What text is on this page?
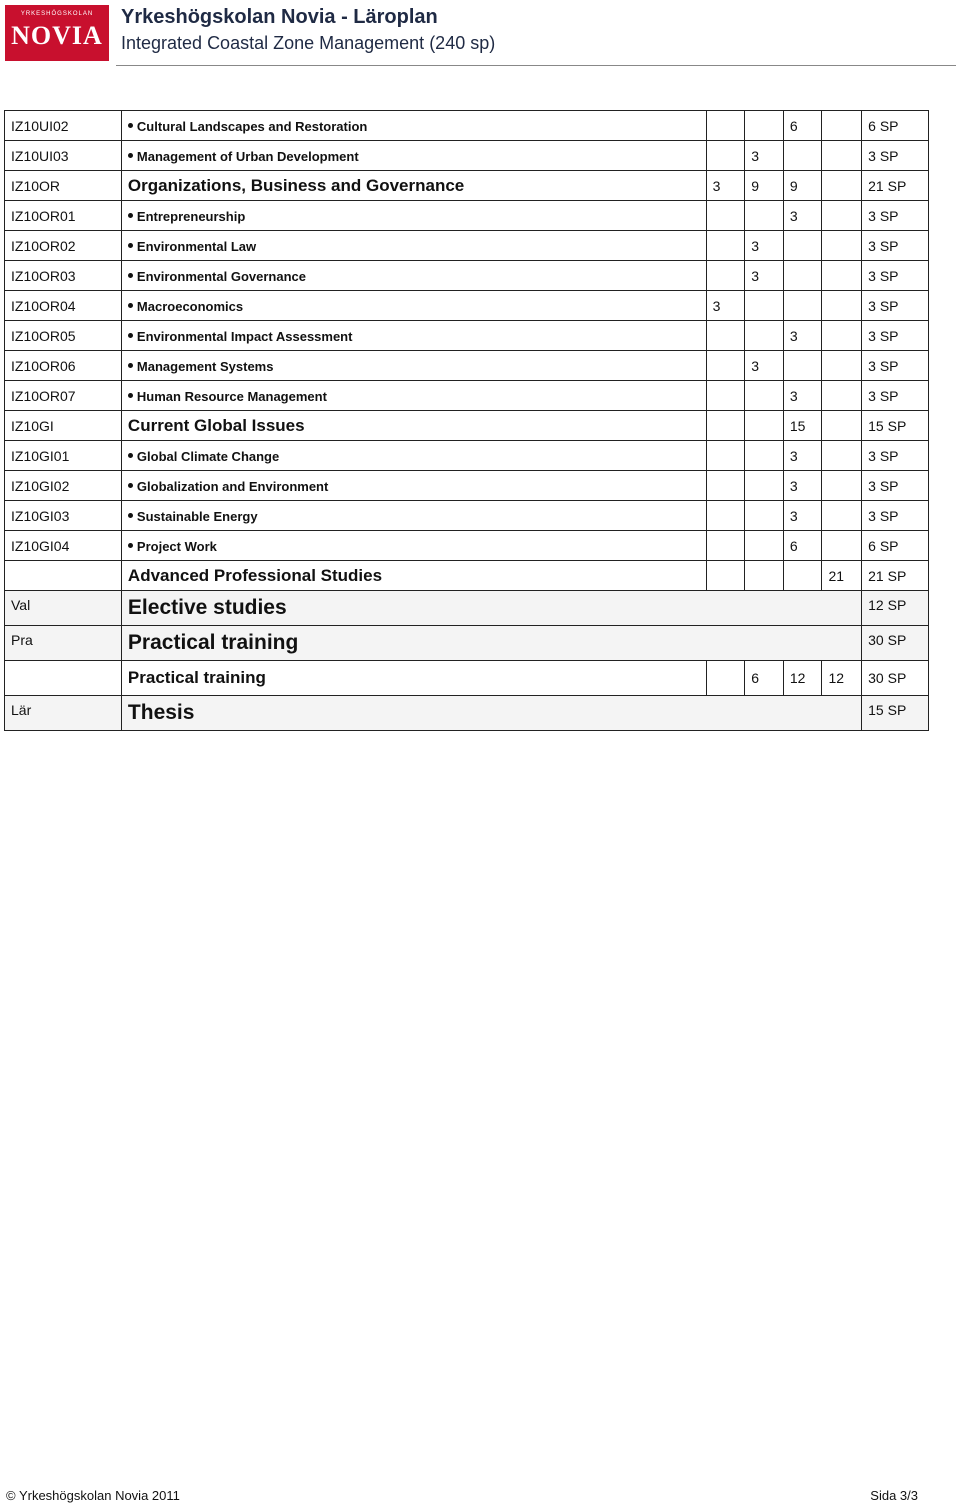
YRKESHÖGSKOLAN
NOVIA
Yrkeshögskolan Novia - Läroplan
Integrated Coastal Zone Management (240 sp)
IZ10UI02	Cultural Landscapes and Restoration			6		6 SP
IZ10UI03	Management of Urban Development		3			3 SP
IZ10OR	Organizations, Business and Governance	3	9	9		21 SP
IZ10OR01	Entrepreneurship			3		3 SP
IZ10OR02	Environmental Law		3			3 SP
IZ10OR03	Environmental Governance		3			3 SP
IZ10OR04	Macroeconomics	3				3 SP
IZ10OR05	Environmental Impact Assessment			3		3 SP
IZ10OR06	Management Systems		3			3 SP
IZ10OR07	Human Resource Management			3		3 SP
IZ10GI	Current Global Issues			15		15 SP
IZ10GI01	Global Climate Change			3		3 SP
IZ10GI02	Globalization and Environment			3		3 SP
IZ10GI03	Sustainable Energy			3		3 SP
IZ10GI04	Project Work			6		6 SP
	Advanced Professional Studies				21	21 SP
Val	Elective studies					12 SP
Pra	Practical training					30 SP
	Practical training		6	12	12	30 SP
Lär	Thesis					15 SP
© Yrkeshögskolan Novia 2011	Sida 3/3
